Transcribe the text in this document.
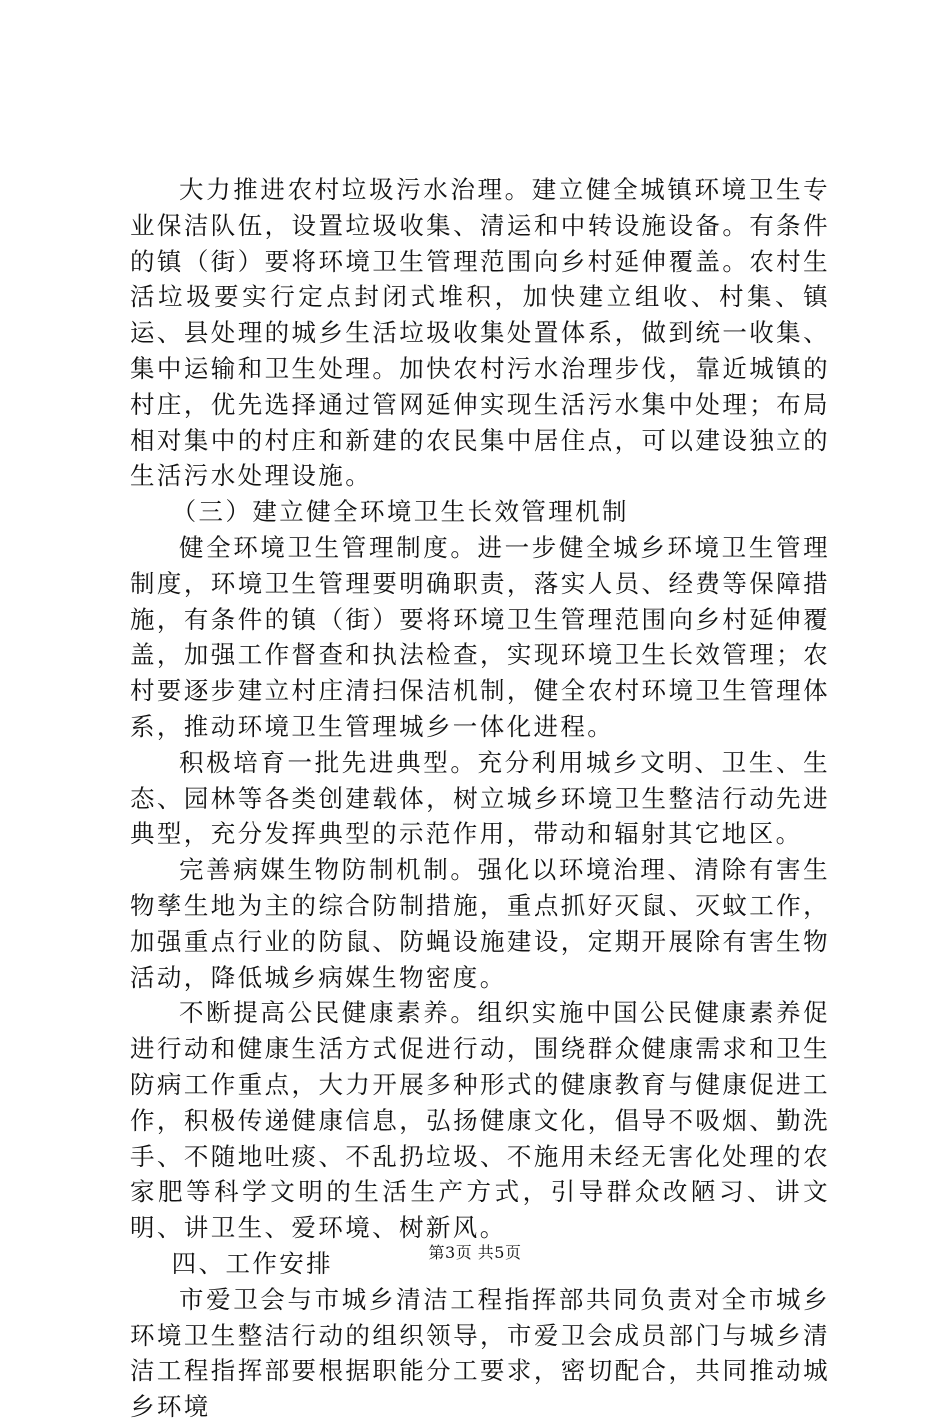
大力推进农村垃圾污水治理。建立健全城镇环境卫生专业保洁队伍，设置垃圾收集、清运和中转设施设备。有条件的镇（街）要将环境卫生管理范围向乡村延伸覆盖。农村生活垃圾要实行定点封闭式堆积，加快建立组收、村集、镇运、县处理的城乡生活垃圾收集处置体系，做到统一收集、集中运输和卫生处理。加快农村污水治理步伐，靠近城镇的村庄，优先选择通过管网延伸实现生活污水集中处理；布局相对集中的村庄和新建的农民集中居住点，可以建设独立的生活污水处理设施。

（三）建立健全环境卫生长效管理机制

健全环境卫生管理制度。进一步健全城乡环境卫生管理制度，环境卫生管理要明确职责，落实人员、经费等保障措施，有条件的镇（街）要将环境卫生管理范围向乡村延伸覆盖，加强工作督查和执法检查，实现环境卫生长效管理；农村要逐步建立村庄清扫保洁机制，健全农村环境卫生管理体系，推动环境卫生管理城乡一体化进程。

积极培育一批先进典型。充分利用城乡文明、卫生、生态、园林等各类创建载体，树立城乡环境卫生整洁行动先进典型，充分发挥典型的示范作用，带动和辐射其它地区。

完善病媒生物防制机制。强化以环境治理、清除有害生物孳生地为主的综合防制措施，重点抓好灭鼠、灭蚊工作，加强重点行业的防鼠、防蝇设施建设，定期开展除有害生物活动，降低城乡病媒生物密度。

不断提高公民健康素养。组织实施中国公民健康素养促进行动和健康生活方式促进行动，围绕群众健康需求和卫生防病工作重点，大力开展多种形式的健康教育与健康促进工作，积极传递健康信息，弘扬健康文化，倡导不吸烟、勤洗手、不随地吐痰、不乱扔垃圾、不施用未经无害化处理的农家肥等科学文明的生活生产方式，引导群众改陋习、讲文明、讲卫生、爱环境、树新风。

四、工作安排

市爱卫会与市城乡清洁工程指挥部共同负责对全市城乡环境卫生整洁行动的组织领导，市爱卫会成员部门与城乡清洁工程指挥部要根据职能分工要求，密切配合，共同推动城乡环境

第3页 共5页
